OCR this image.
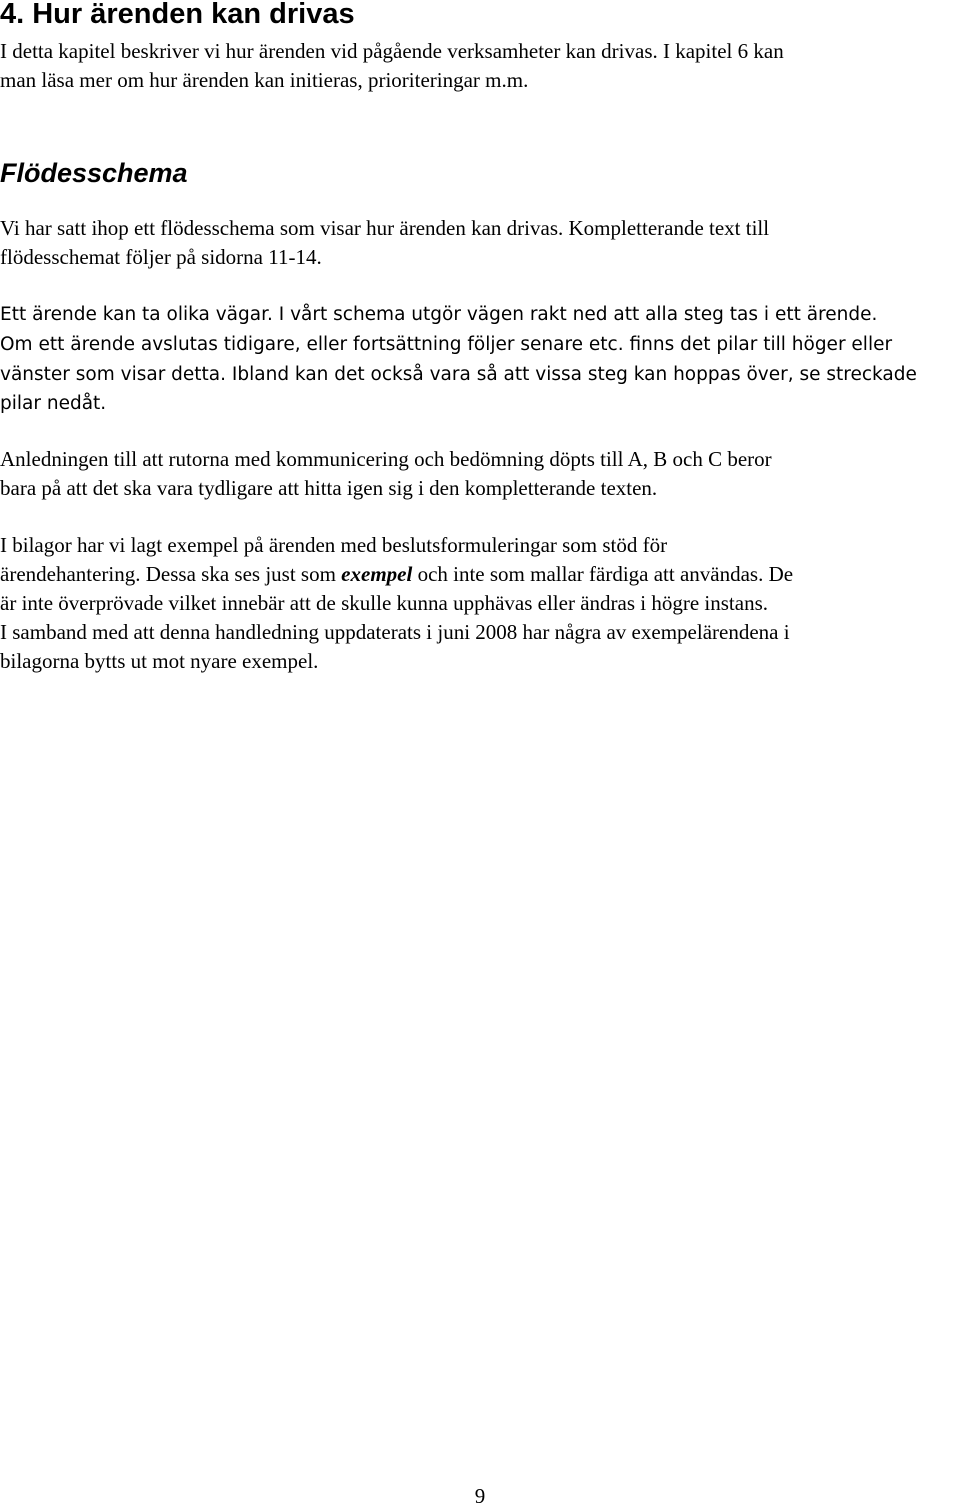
4. Hur ärenden kan drivas

I detta kapitel beskriver vi hur ärenden vid pågående verksamheter kan drivas. I kapitel 6 kan
man läsa mer om hur ärenden kan initieras, prioriteringar m.m.

Flödesschema

Vi har satt ihop ett flödesschema som visar hur ärenden kan drivas. Kompletterande text till
flödesschemat följer på sidorna 11-14.

Ett ärende kan ta olika vägar. I vårt schema utgör vägen rakt ned att alla steg tas i ett ärende.
Om ett ärende avslutas tidigare, eller fortsättning följer senare etc. finns det pilar till höger eller
vänster som visar detta. Ibland kan det också vara så att vissa steg kan hoppas över, se streckade
pilar nedåt.

Anledningen till att rutorna med kommunicering och bedömning döpts till A, B och C beror
bara på att det ska vara tydligare att hitta igen sig i den kompletterande texten.

I bilagor har vi lagt exempel på ärenden med beslutsformuleringar som stöd för
ärendehantering. Dessa ska ses just som exempel och inte som mallar färdiga att användas. De
är inte överprövade vilket innebär att de skulle kunna upphävas eller ändras i högre instans.
I samband med att denna handledning uppdaterats i juni 2008 har några av exempelärendena i
bilagorna bytts ut mot nyare exempel.

9
